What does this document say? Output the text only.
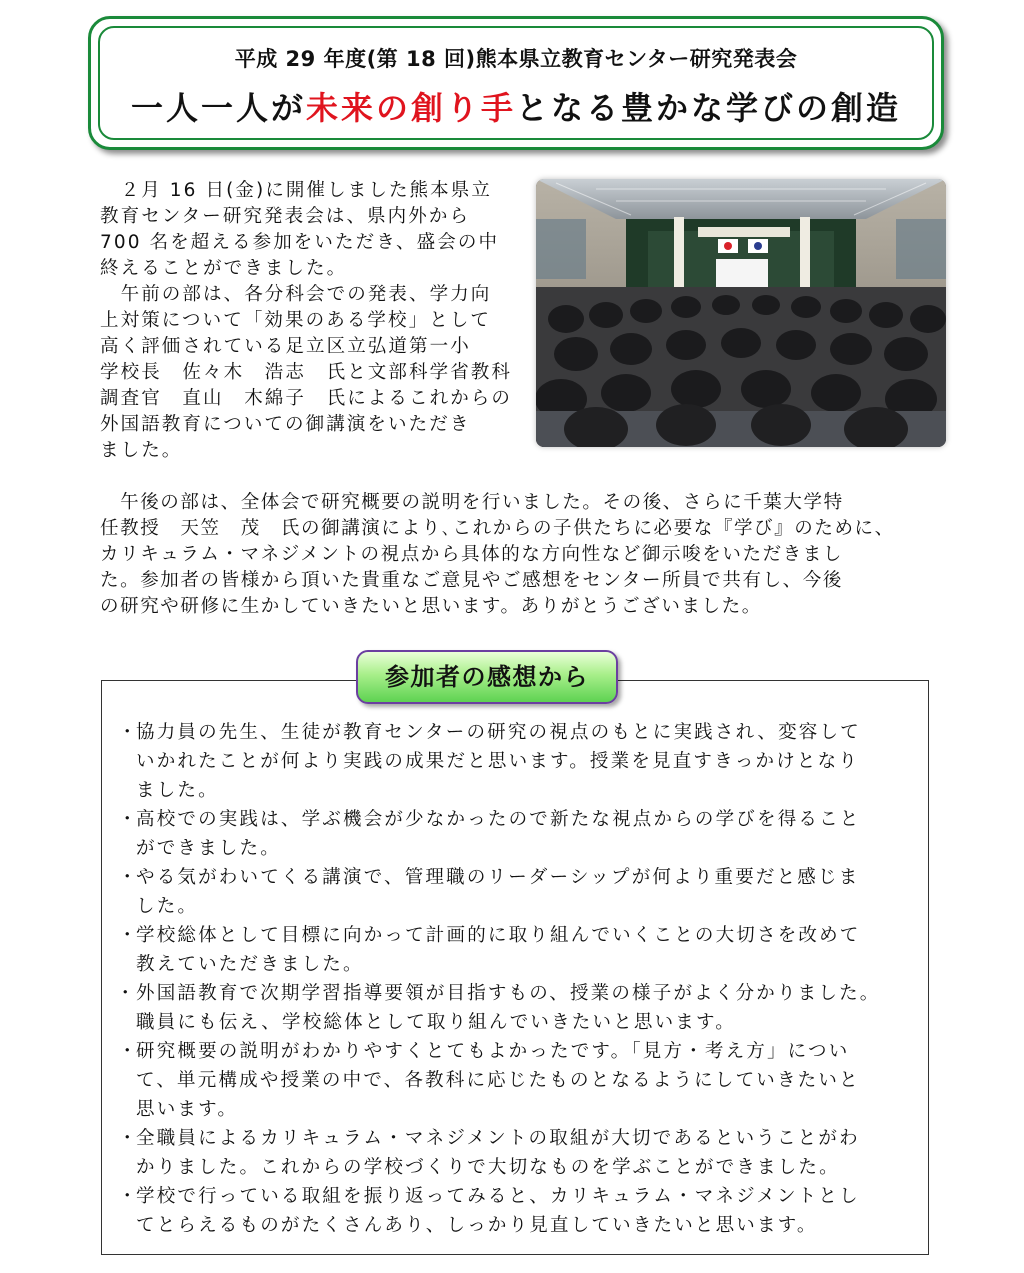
平成 29 年度(第 18 回)熊本県立教育センター研究発表会
一人一人が未来の創り手となる豊かな学びの創造
　２月 16 日(金)に開催しました熊本県立
教育センター研究発表会は、県内外から
700 名を超える参加をいただき、盛会の中
終えることができました。
　午前の部は、各分科会での発表、学力向
上対策について「効果のある学校」として
高く評価されている足立区立弘道第一小
学校長　佐々木　浩志　氏と文部科学省教科
調査官　直山　木綿子　氏によるこれからの
外国語教育についての御講演をいただき
ました。
　午後の部は、全体会で研究概要の説明を行いました。その後、さらに千葉大学特
任教授　天笠　茂　氏の御講演により､これからの子供たちに必要な『学び』のために、
カリキュラム・マネジメントの視点から具体的な方向性など御示唆をいただきまし
た。参加者の皆様から頂いた貴重なご意見やご感想をセンター所員で共有し、今後
の研究や研修に生かしていきたいと思います。ありがとうございました。
参加者の感想から
・
協力員の先生、生徒が教育センターの研究の視点のもとに実践され、変容して
いかれたことが何より実践の成果だと思います。授業を見直すきっかけとなり
ました。
・
高校での実践は、学ぶ機会が少なかったので新たな視点からの学びを得ること
ができました。
・
やる気がわいてくる講演で、管理職のリーダーシップが何より重要だと感じま
した。
・
学校総体として目標に向かって計画的に取り組んでいくことの大切さを改めて
教えていただきました。
・ 外国語教育で次期学習指導要領が目指すもの、授業の様子がよく分かりました。
職員にも伝え、学校総体として取り組んでいきたいと思います。
・
研究概要の説明がわかりやすくとてもよかったです。「見方・考え方」につい
て、単元構成や授業の中で、各教科に応じたものとなるようにしていきたいと
思います。
・
全職員によるカリキュラム・マネジメントの取組が大切であるということがわ
かりました。これからの学校づくりで大切なものを学ぶことができました。
・
学校で行っている取組を振り返ってみると、カリキュラム・マネジメントとし
てとらえるものがたくさんあり、しっかり見直していきたいと思います。
